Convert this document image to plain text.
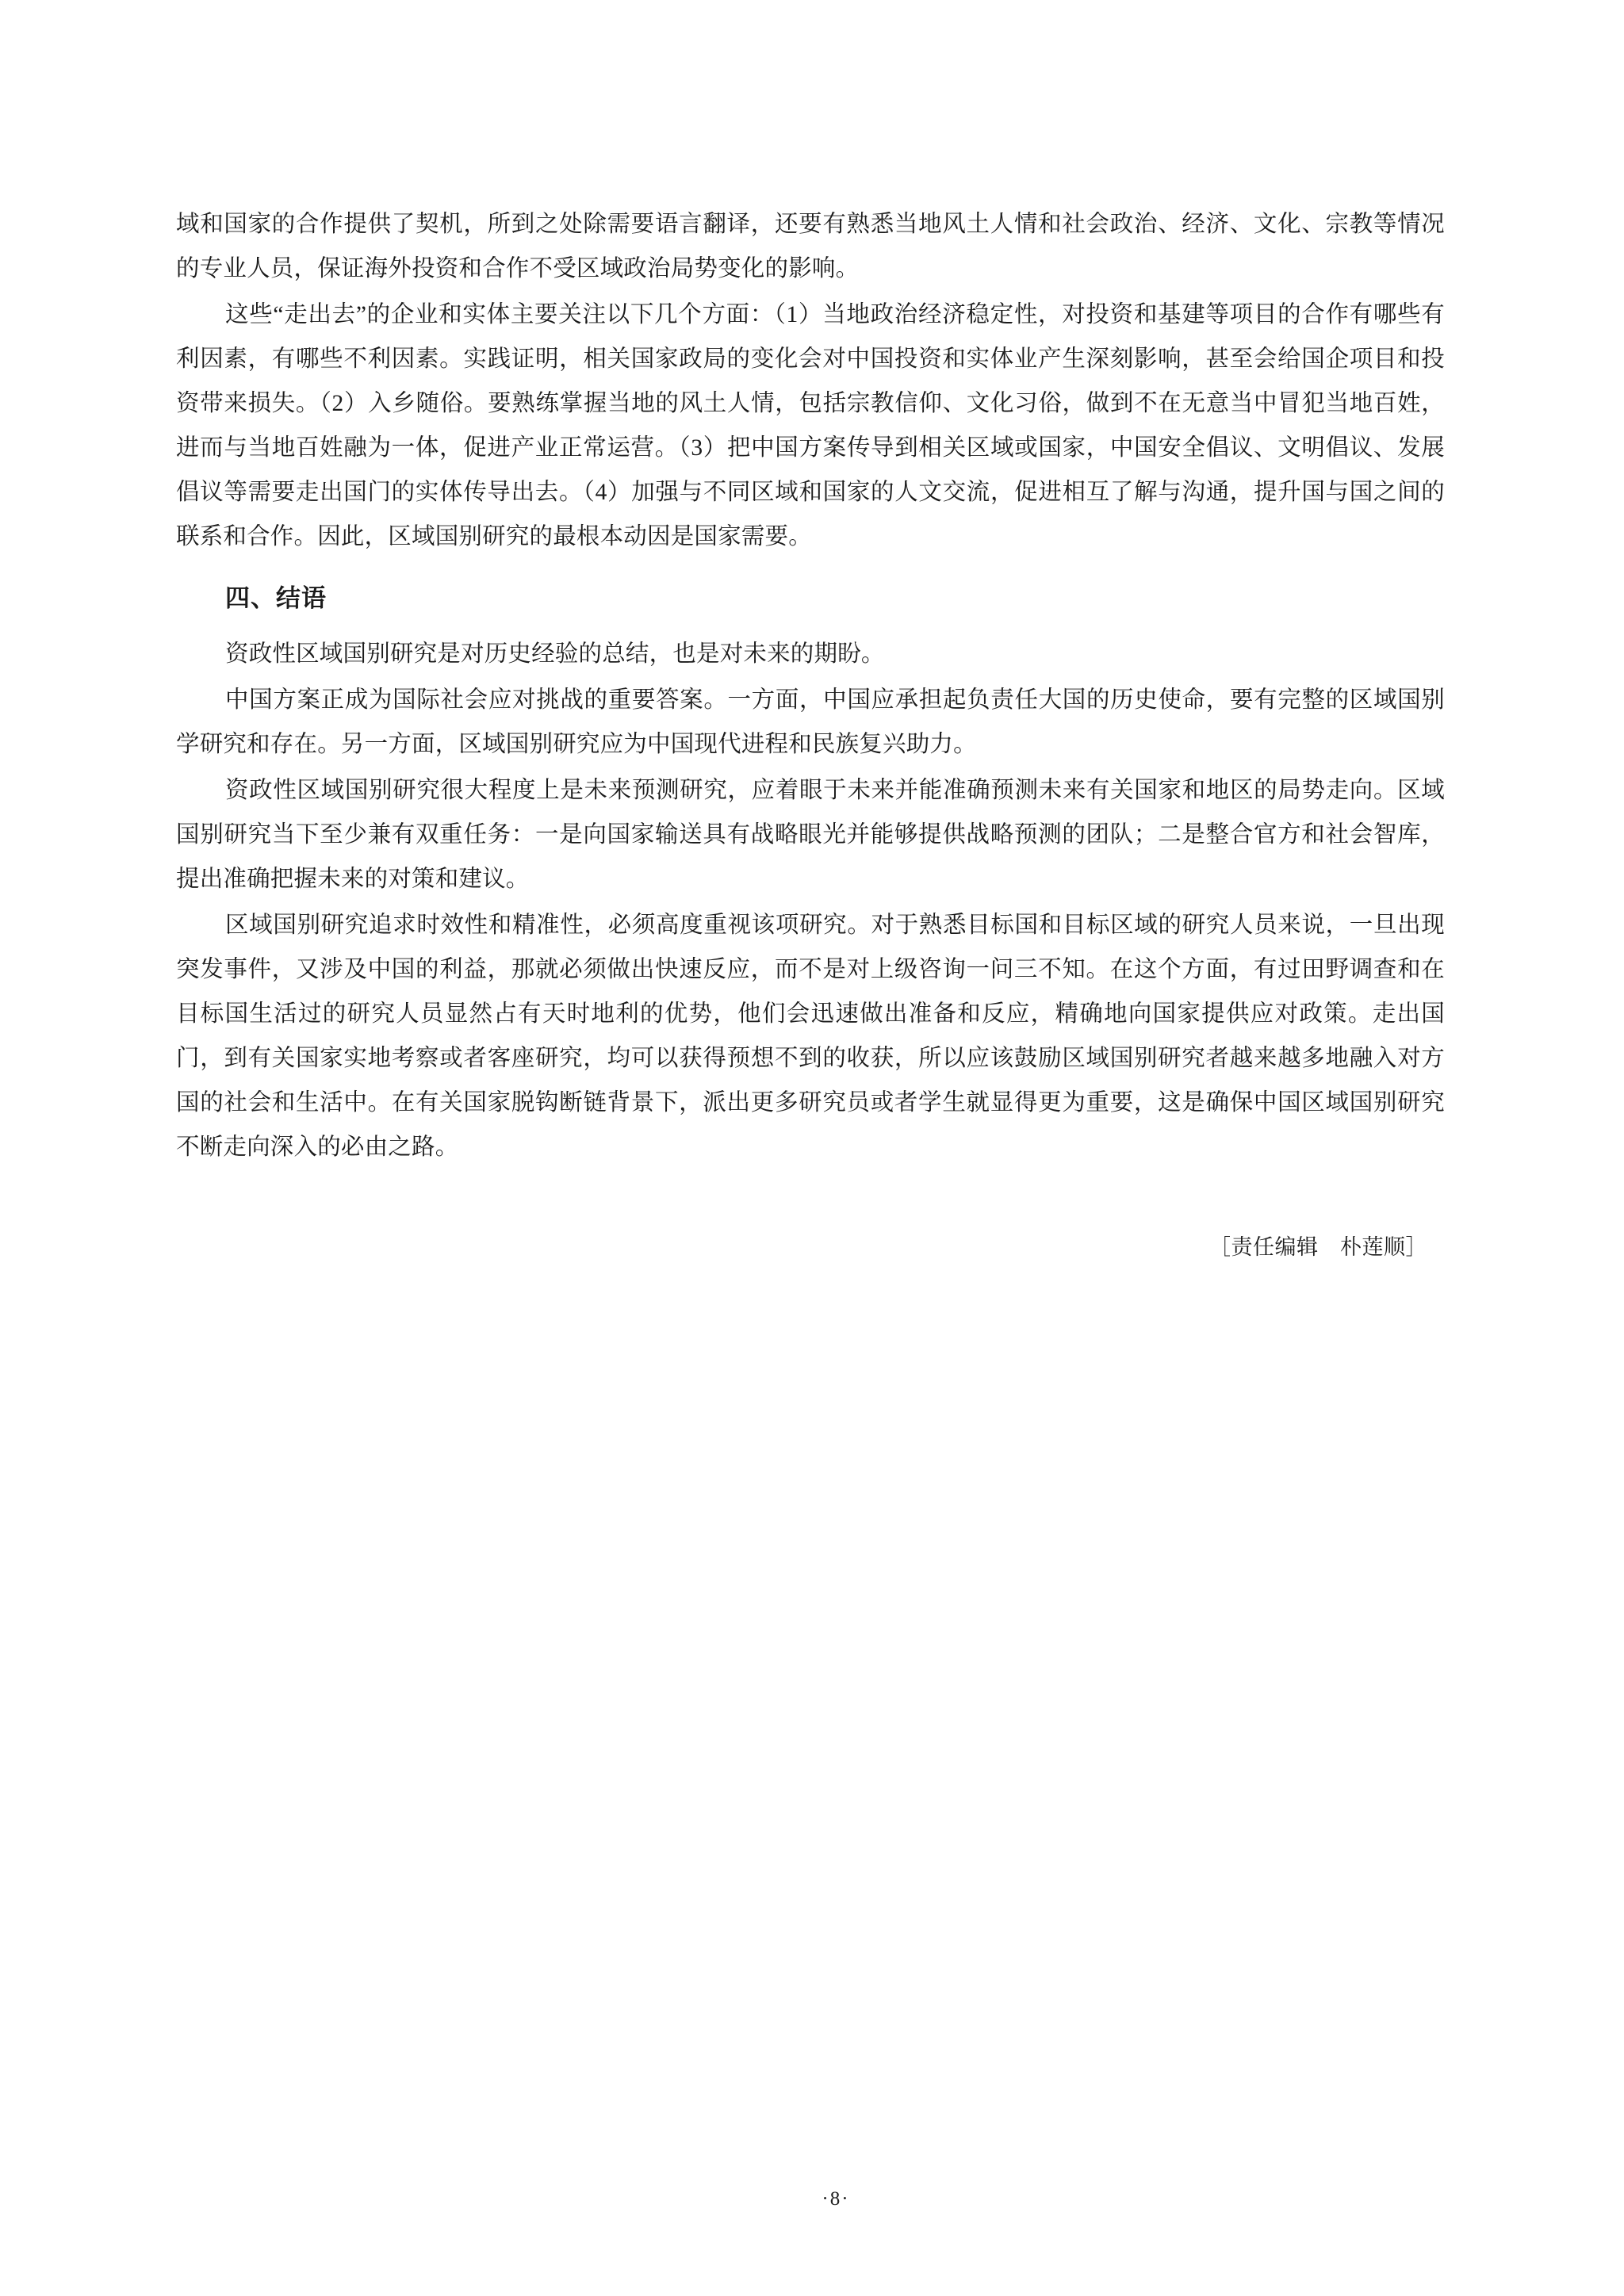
域和国家的合作提供了契机，所到之处除需要语言翻译，还要有熟悉当地风土人情和社会政治、经济、文化、宗教等情况的专业人员，保证海外投资和合作不受区域政治局势变化的影响。

这些“走出去”的企业和实体主要关注以下几个方面：（1）当地政治经济稳定性，对投资和基建等项目的合作有哪些有利因素，有哪些不利因素。实践证明，相关国家政局的变化会对中国投资和实体业产生深刻影响，甚至会给国企项目和投资带来损失。（2）入乡随俗。要熟练掌握当地的风土人情，包括宗教信仰、文化习俗，做到不在无意当中冒犯当地百姓，进而与当地百姓融为一体，促进产业正常运营。（3）把中国方案传导到相关区域或国家，中国安全倡议、文明倡议、发展倡议等需要走出国门的实体传导出去。（4）加强与不同区域和国家的人文交流，促进相互了解与沟通，提升国与国之间的联系和合作。因此，区域国别研究的最根本动因是国家需要。

四、结语

资政性区域国别研究是对历史经验的总结，也是对未来的期盼。

中国方案正成为国际社会应对挑战的重要答案。一方面，中国应承担起负责任大国的历史使命，要有完整的区域国别学研究和存在。另一方面，区域国别研究应为中国现代进程和民族复兴助力。

资政性区域国别研究很大程度上是未来预测研究，应着眼于未来并能准确预测未来有关国家和地区的局势走向。区域国别研究当下至少兼有双重任务：一是向国家输送具有战略眼光并能够提供战略预测的团队；二是整合官方和社会智库，提出准确把握未来的对策和建议。

区域国别研究追求时效性和精准性，必须高度重视该项研究。对于熟悉目标国和目标区域的研究人员来说，一旦出现突发事件，又涉及中国的利益，那就必须做出快速反应，而不是对上级咨询一问三不知。在这个方面，有过田野调查和在目标国生活过的研究人员显然占有天时地利的优势，他们会迅速做出准备和反应，精确地向国家提供应对政策。走出国门，到有关国家实地考察或者客座研究，均可以获得预想不到的收获，所以应该鼓励区域国别研究者越来越多地融入对方国的社会和生活中。在有关国家脱钩断链背景下，派出更多研究员或者学生就显得更为重要，这是确保中国区域国别研究不断走向深入的必由之路。

［责任编辑　朴莲顺］
·8·
